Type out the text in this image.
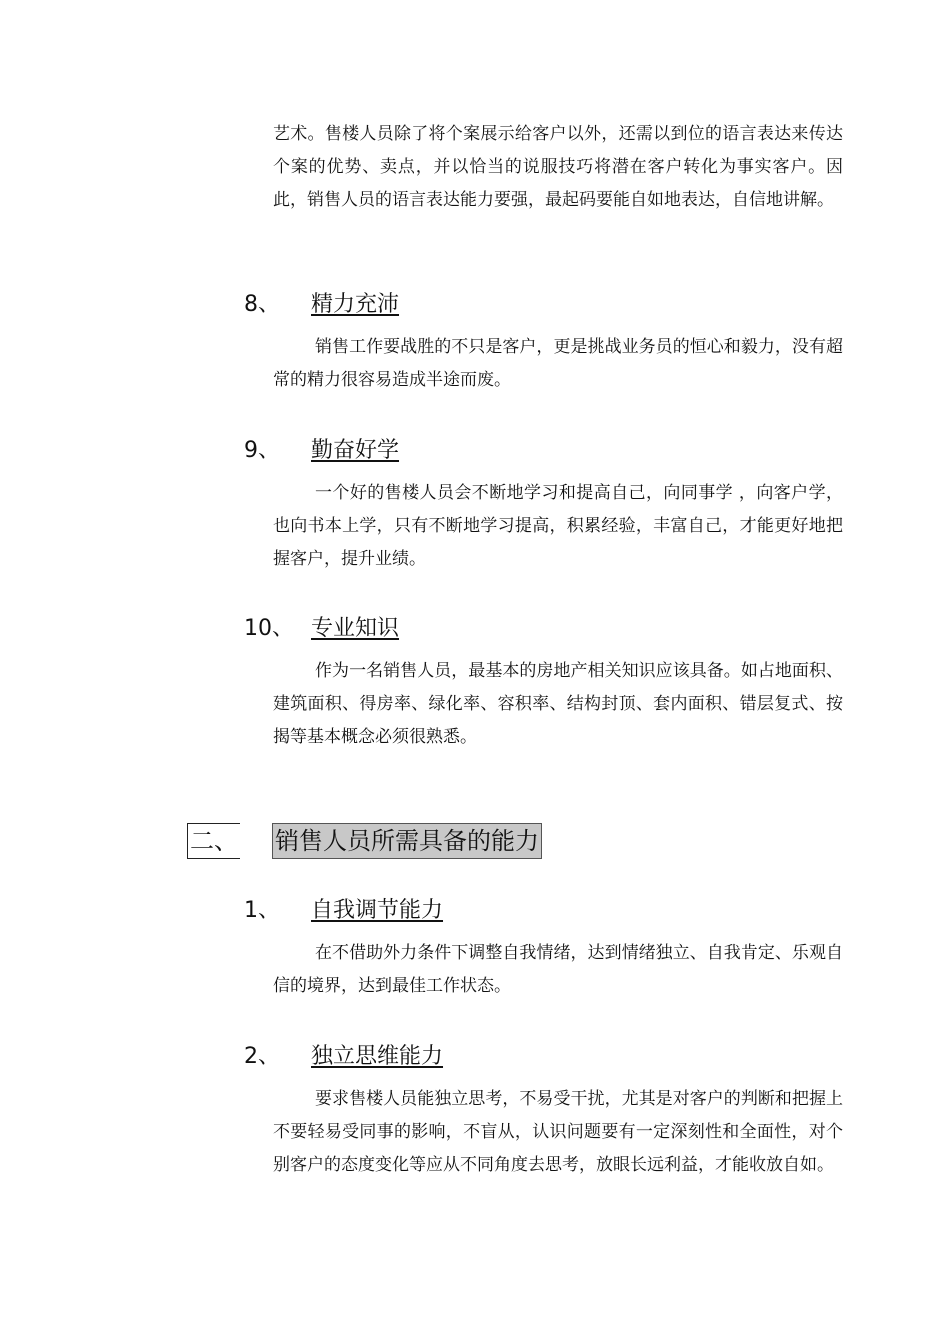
艺术。售楼人员除了将个案展示给客户以外，还需以到位的语言表达来传达个案的优势、卖点，并以恰当的说服技巧将潜在客户转化为事实客户。因此，销售人员的语言表达能力要强，最起码要能自如地表达，自信地讲解。

8、 精力充沛

销售工作要战胜的不只是客户，更是挑战业务员的恒心和毅力，没有超常的精力很容易造成半途而废。

9、 勤奋好学

一个好的售楼人员会不断地学习和提高自己，向同事学 ，向客户学，也向书本上学，只有不断地学习提高，积累经验，丰富自己，才能更好地把握客户，提升业绩。

10、 专业知识

作为一名销售人员，最基本的房地产相关知识应该具备。如占地面积、建筑面积、得房率、绿化率、容积率、结构封顶、套内面积、错层复式、按揭等基本概念必须很熟悉。

二、 销售人员所需具备的能力
1、 自我调节能力

在不借助外力条件下调整自我情绪，达到情绪独立、自我肯定、乐观自信的境界，达到最佳工作状态。

2、 独立思维能力

要求售楼人员能独立思考，不易受干扰，尤其是对客户的判断和把握上不要轻易受同事的影响，不盲从，认识问题要有一定深刻性和全面性，对个别客户的态度变化等应从不同角度去思考，放眼长远利益，才能收放自如。
